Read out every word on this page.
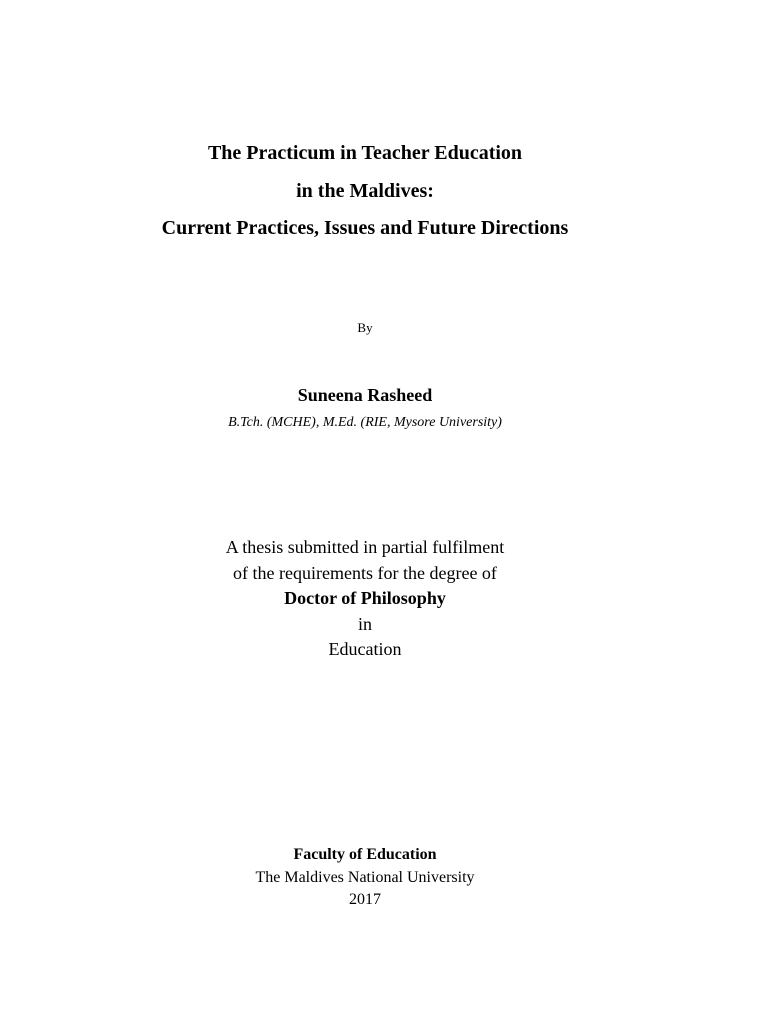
The Practicum in Teacher Education
in the Maldives:
Current Practices, Issues and Future Directions
By
Suneena Rasheed
B.Tch. (MCHE), M.Ed. (RIE, Mysore University)
A thesis submitted in partial fulfilment
of the requirements for the degree of
Doctor of Philosophy
in
Education
Faculty of Education
The Maldives National University
2017
